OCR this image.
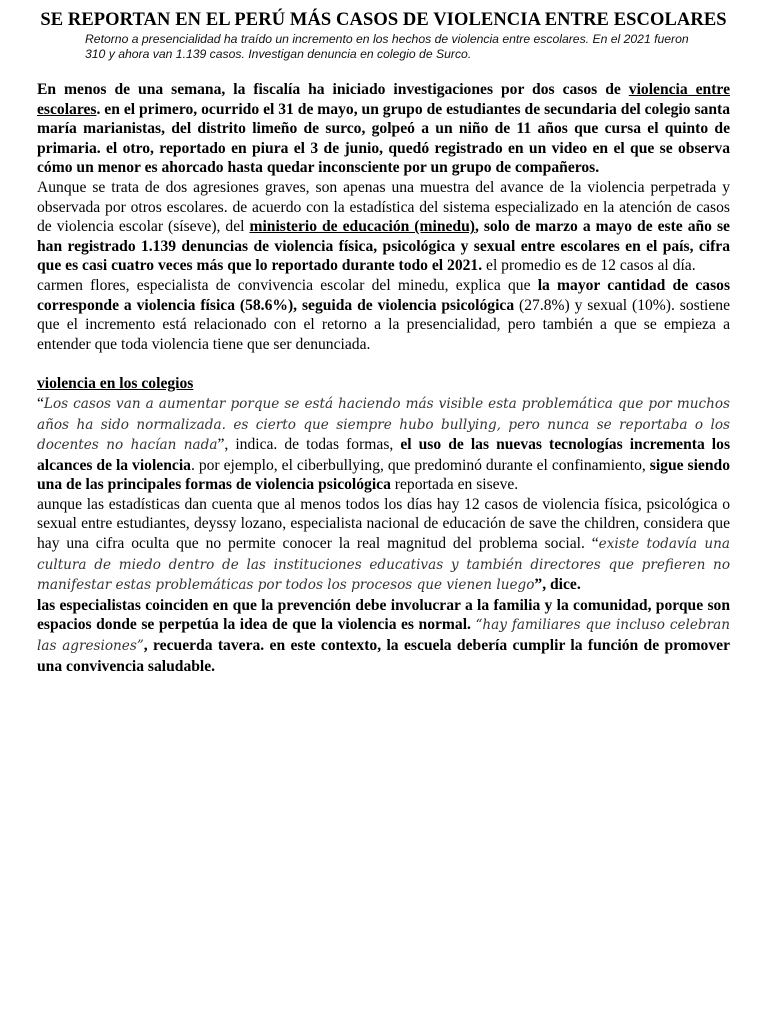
SE REPORTAN EN EL PERÚ MÁS CASOS DE VIOLENCIA ENTRE ESCOLARES
Retorno a presencialidad ha traído un incremento en los hechos de violencia entre escolares. En el 2021 fueron 310 y ahora van 1.139 casos. Investigan denuncia en colegio de Surco.

En menos de una semana, la fiscalía ha iniciado investigaciones por dos casos de violencia entre escolares. en el primero, ocurrido el 31 de mayo, un grupo de estudiantes de secundaria del colegio santa maría marianistas, del distrito limeño de surco, golpeó a un niño de 11 años que cursa el quinto de primaria. el otro, reportado en piura el 3 de junio, quedó registrado en un video en el que se observa cómo un menor es ahorcado hasta quedar inconsciente por un grupo de compañeros.

Aunque se trata de dos agresiones graves, son apenas una muestra del avance de la violencia perpetrada y observada por otros escolares. de acuerdo con la estadística del sistema especializado en la atención de casos de violencia escolar (síseve), del ministerio de educación (minedu), solo de marzo a mayo de este año se han registrado 1.139 denuncias de violencia física, psicológica y sexual entre escolares en el país, cifra que es casi cuatro veces más que lo reportado durante todo el 2021. el promedio es de 12 casos al día.

carmen flores, especialista de convivencia escolar del minedu, explica que la mayor cantidad de casos corresponde a violencia física (58.6%), seguida de violencia psicológica (27.8%) y sexual (10%). sostiene que el incremento está relacionado con el retorno a la presencialidad, pero también a que se empieza a entender que toda violencia tiene que ser denunciada.

violencia en los colegios

“Los casos van a aumentar porque se está haciendo más visible esta problemática que por muchos años ha sido normalizada. es cierto que siempre hubo bullying, pero nunca se reportaba o los docentes no hacían nada”, indica. de todas formas, el uso de las nuevas tecnologías incrementa los alcances de la violencia. por ejemplo, el ciberbullying, que predominó durante el confinamiento, sigue siendo una de las principales formas de violencia psicológica reportada en siseve.

aunque las estadísticas dan cuenta que al menos todos los días hay 12 casos de violencia física, psicológica o sexual entre estudiantes, deyssy lozano, especialista nacional de educación de save the children, considera que hay una cifra oculta que no permite conocer la real magnitud del problema social. “existe todavía una cultura de miedo dentro de las instituciones educativas y también directores que prefieren no manifestar estas problemáticas por todos los procesos que vienen luego”, dice.

las especialistas coinciden en que la prevención debe involucrar a la familia y la comunidad, porque son espacios donde se perpetúa la idea de que la violencia es normal. “hay familiares que incluso celebran las agresiones”, recuerda tavera. en este contexto, la escuela debería cumplir la función de promover una convivencia saludable.
